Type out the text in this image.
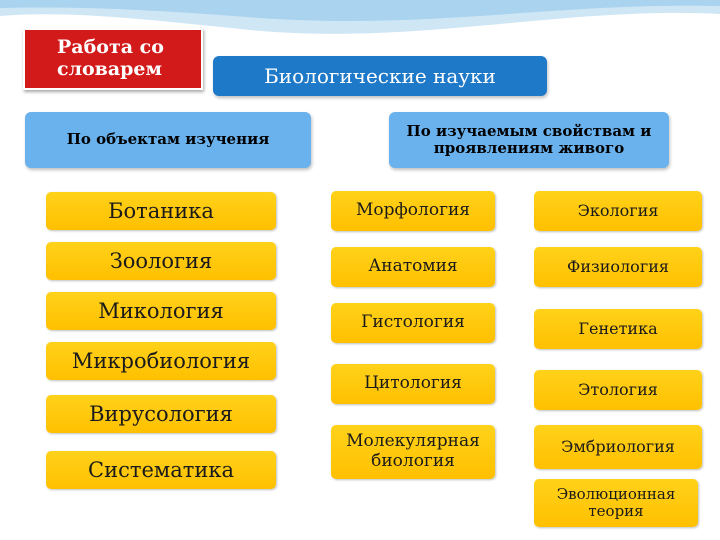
Работа со словарем	Биологические науки
По объектам изучения	По изучаемым свойствам и проявлениям живого
Ботаника
Зоология
Микология
Микробиология
Вирусология
Систематика
Морфология
Анатомия
Гистология
Цитология
Молекулярная биология
Экология
Физиология
Генетика
Этология
Эмбриология
Эволюционная теория
